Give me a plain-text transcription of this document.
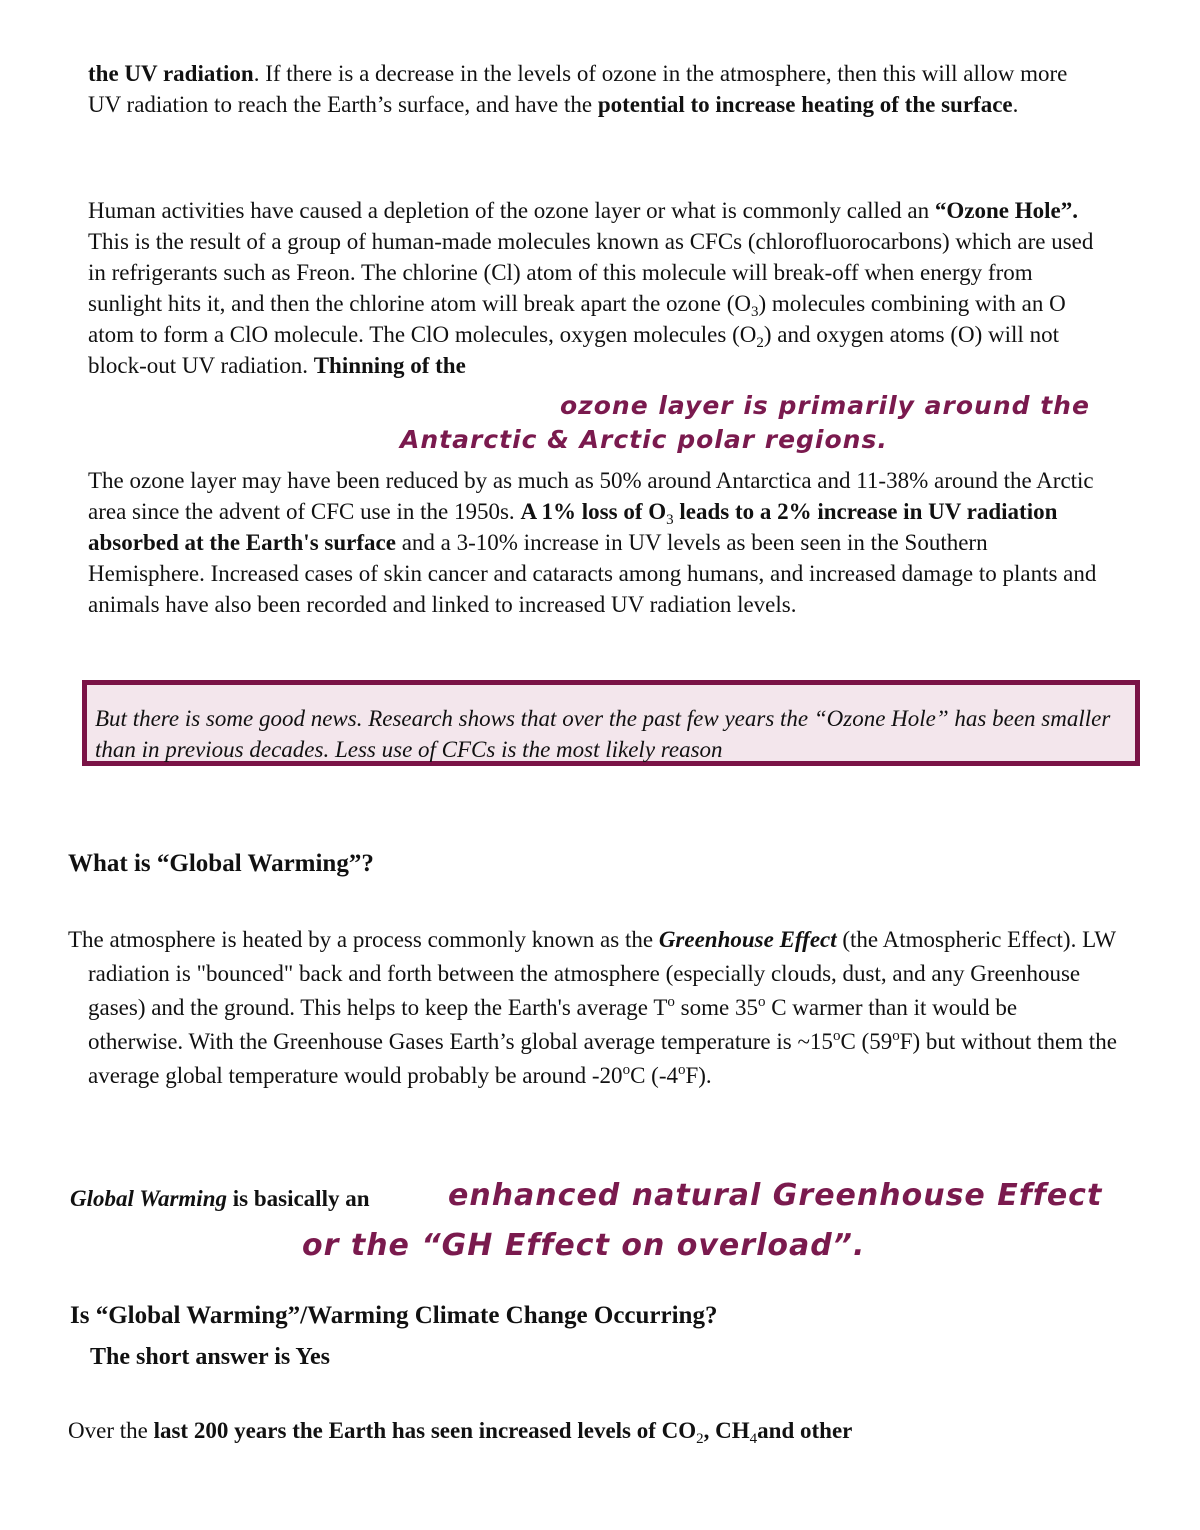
the UV radiation. If there is a decrease in the levels of ozone in the atmosphere, then this will allow more UV radiation to reach the Earth’s surface, and have the potential to increase heating of the surface.

Human activities have caused a depletion of the ozone layer or what is commonly called an “Ozone Hole”. This is the result of a group of human-made molecules known as CFCs (chlorofluorocarbons) which are used in refrigerants such as Freon. The chlorine (Cl) atom of this molecule will break-off when energy from sunlight hits it, and then the chlorine atom will break apart the ozone $(O_3)$ molecules combining with an O atom to form a ClO molecule. The ClO molecules, oxygen molecules $(O_2)$ and oxygen atoms (O) will not block-out UV radiation. Thinning of the

ozone layer is primarily around the
Antarctic & Arctic polar regions.

The ozone layer may have been reduced by as much as 50% around Antarctica and 11-38% around the Arctic area since the advent of CFC use in the 1950s. A 1% loss of $O_3$ leads to a 2% increase in UV radiation absorbed at the Earth's surface and a 3-10% increase in UV levels as been seen in the Southern Hemisphere. Increased cases of skin cancer and cataracts among humans, and increased damage to plants and animals have also been recorded and linked to increased UV radiation levels.

But there is some good news. Research shows that over the past few years the “Ozone Hole” has been smaller than in previous decades. Less use of CFCs is the most likely reason

What is “Global Warming”?

The atmosphere is heated by a process commonly known as the Greenhouse Effect (the Atmospheric Effect). LW radiation is "bounced" back and forth between the atmosphere (especially clouds, dust, and any Greenhouse gases) and the ground. This helps to keep the Earth's average $T^o$ some 35$^o$ C warmer than it would be otherwise. With the Greenhouse Gases Earth’s global average temperature is ~15$^o$C (59$^o$F) but without them the average global temperature would probably be around -20$^o$C (-4$^o$F).

Global Warming is basically an	enhanced natural Greenhouse Effect
or the “GH Effect on overload”.
Is “Global Warming”/Warming Climate Change Occurring?
The short answer is Yes

Over the last 200 years the Earth has seen increased levels of $CO_2$, $CH_4and$ other
